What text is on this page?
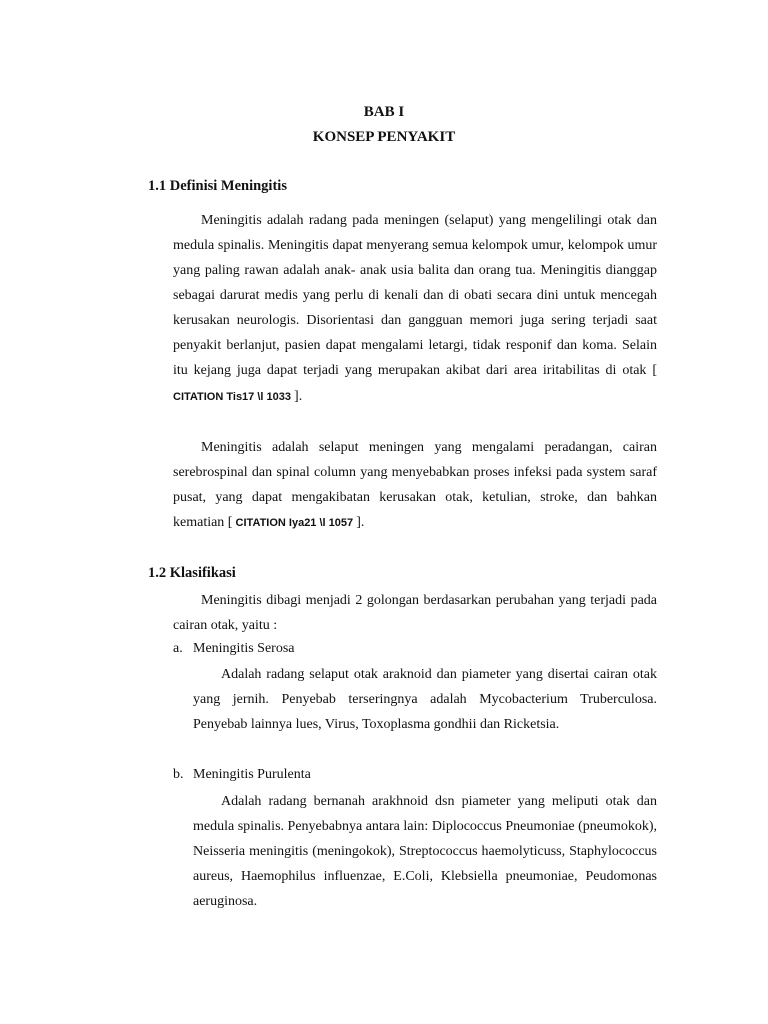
BAB I
KONSEP PENYAKIT
1.1 Definisi Meningitis
Meningitis adalah radang pada meningen (selaput) yang mengelilingi otak dan medula spinalis. Meningitis dapat menyerang semua kelompok umur, kelompok umur yang paling rawan adalah anak- anak usia balita dan orang tua. Meningitis dianggap sebagai darurat medis yang perlu di kenali dan di obati secara dini untuk mencegah kerusakan neurologis. Disorientasi dan gangguan memori juga sering terjadi saat penyakit berlanjut, pasien dapat mengalami letargi, tidak responif dan koma. Selain itu kejang juga dapat terjadi yang merupakan akibat dari area iritabilitas di otak [ CITATION Tis17 \l 1033 ].
Meningitis adalah selaput meningen yang mengalami peradangan, cairan serebrospinal dan spinal column yang menyebabkan proses infeksi pada system saraf pusat, yang dapat mengakibatan kerusakan otak, ketulian, stroke, dan bahkan kematian [ CITATION Iya21 \l 1057 ].
1.2 Klasifikasi
Meningitis dibagi menjadi 2 golongan berdasarkan perubahan yang terjadi pada cairan otak, yaitu :
a. Meningitis Serosa
Adalah radang selaput otak araknoid dan piameter yang disertai cairan otak yang jernih. Penyebab terseringnya adalah Mycobacterium Truberculosa. Penyebab lainnya lues, Virus, Toxoplasma gondhii dan Ricketsia.
b. Meningitis Purulenta
Adalah radang bernanah arakhnoid dsn piameter yang meliputi otak dan medula spinalis. Penyebabnya antara lain: Diplococcus Pneumoniae (pneumokok), Neisseria meningitis (meningokok), Streptococcus haemolyticuss, Staphylococcus aureus, Haemophilus influenzae, E.Coli, Klebsiella pneumoniae, Peudomonas aeruginosa.
